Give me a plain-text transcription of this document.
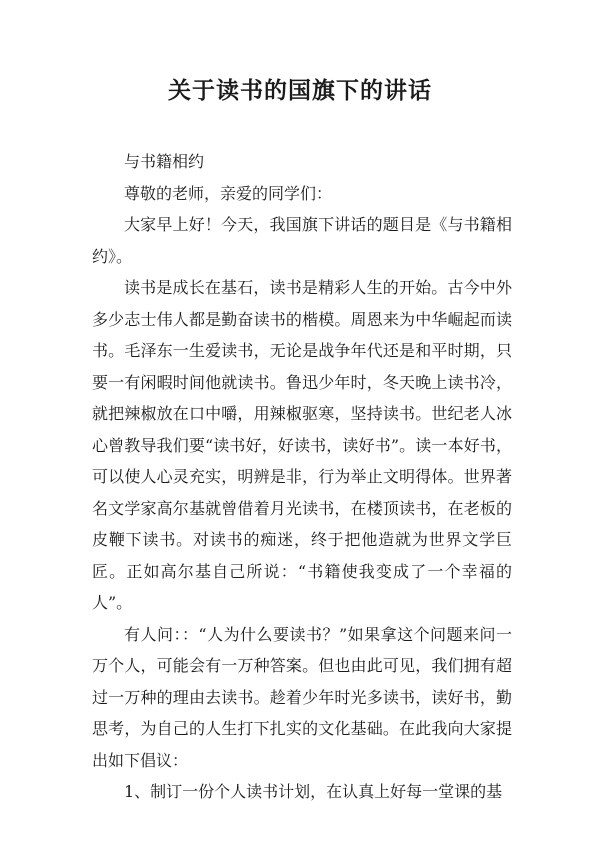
关于读书的国旗下的讲话

与书籍相约

尊敬的老师，亲爱的同学们：

大家早上好！今天，我国旗下讲话的题目是《与书籍相约》。

读书是成长在基石，读书是精彩人生的开始。古今中外多少志士伟人都是勤奋读书的楷模。周恩来为中华崛起而读书。毛泽东一生爱读书，无论是战争年代还是和平时期，只要一有闲暇时间他就读书。鲁迅少年时，冬天晚上读书冷，就把辣椒放在口中嚼，用辣椒驱寒，坚持读书。世纪老人冰心曾教导我们要“读书好，好读书，读好书”。读一本好书，可以使人心灵充实，明辨是非，行为举止文明得体。世界著名文学家高尔基就曾借着月光读书，在楼顶读书，在老板的皮鞭下读书。对读书的痴迷，终于把他造就为世界文学巨匠。正如高尔基自己所说：“书籍使我变成了一个幸福的人”。

有人问：：“人为什么要读书？”如果拿这个问题来问一万个人，可能会有一万种答案。但也由此可见，我们拥有超过一万种的理由去读书。趁着少年时光多读书，读好书，勤思考，为自己的人生打下扎实的文化基础。在此我向大家提出如下倡议：

1、制订一份个人读书计划，在认真上好每一堂课的基
